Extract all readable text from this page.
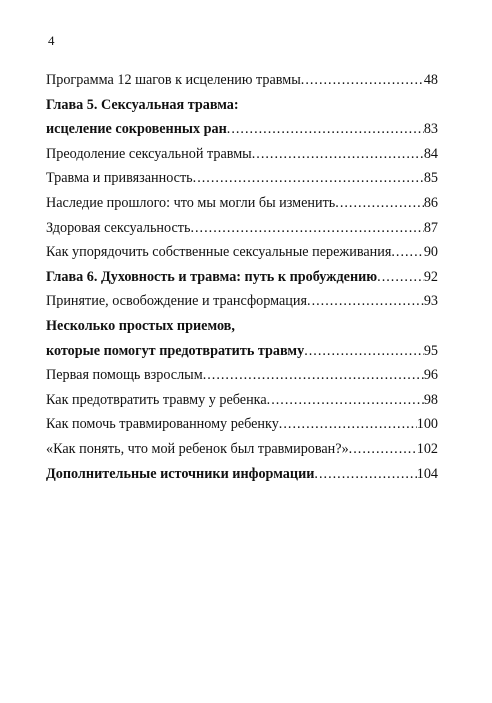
4
Программа 12 шагов к исцелению травмы .....	48
Глава 5. Сексуальная травма:
исцеление сокровенных ран .....	83
Преодоление сексуальной травмы .....	84
Травма и привязанность .....	85
Наследие прошлого: что мы могли бы изменить .....	86
Здоровая сексуальность .....	87
Как упорядочить собственные сексуальные переживания ..... 90
Глава 6. Духовность и травма: путь к пробуждению .....	92
Принятие, освобождение и трансформация .....	93
Несколько простых приемов,
которые помогут предотвратить травму .....	95
Первая помощь взрослым .....	96
Как предотвратить травму у ребенка .....	98
Как помочь травмированному ребенку .....	100
«Как понять, что мой ребенок был травмирован?» .....	102
Дополнительные источники информации .....	104
